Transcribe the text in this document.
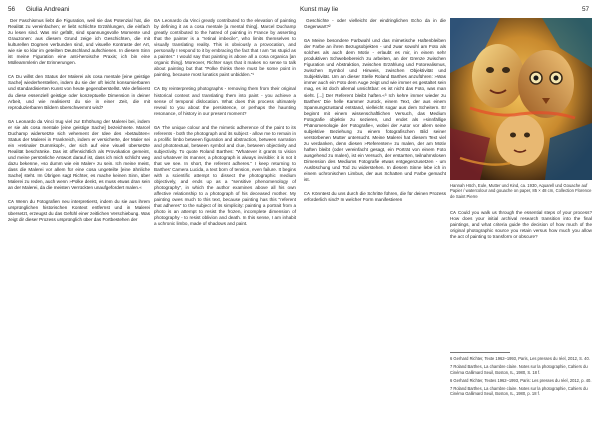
56 Giulia Andreani	Kunst may lie	57

Der Faschismus liebt die Figuration, weil sie das Potenzial hat, die Realität zu vereinfachen; er liebt schlichte Erzählungen, die einfach zu lesen sind. Was mir gefällt, sind spannungsvolle Momente und Grauzonen: aus diesem Grund zeige ich Geschichten, die mit kulturellen Dogmen verbunden sind, und visuelle Kontraste der Art, wie sie so klar im geteilten Deutschland aufschienen. In diesem Sinn ist meine Figuration eine anti-heroische Praxis; ich bin eine Mülleammlerin der Erinnerungen.

CA Du willst den Status der Malerei als cosa mentale [eine geistige Sache] wiederherstellen, indem du sie der oft leicht konsumierbaren und standardisierten Kunst von heute gegenüberstellst. Wie definierst du diese essenziell geistige oder konzeptuelle Dimension in deiner Arbeit, und wie realisierst du sie in einer Zeit, die mit reproduzierbaren Bildern überschwemmt wird?

GA Leonardo da Vinci trug viel zur Erhöhung der Malerei bei, indem er sie als cosa mentale [eine geistige Sache] bezeichnete. Marcel Duchamp widersetzte sich vehement der Idee des »betäubten« Status der Malerei in Frankreich, indem er versicherte, der Maler sei ein »retinaler Dummkopf«, der sich auf eine visuell übersetzte Realität beschränke. Das ist offensichtlich als Provokation gemeint, und meine persönliche Antwort darauf ist, dass ich mich schlicht weg dazu bekenne, »so dumm wie ein Maler« zu sein. Ich meine meist, dass die Malerei vor allem für eine cosa ungeteilte [eine ähnliche Sache] steht. Im Übrigen sagt Richter, es mache keinen Sinn, über Malerei zu reden, auch wenn »Polke denkt, es muss etwas dran sein an der Malerei, da die meisten Verrückten unaufgefordert malen.«

CA Wenn du Fotografien neu interpretierst, indem du sie aus ihrem ursprünglichen historischen Kontext entfernst und in Malerei übersetzt, erzeugst du das Gefühl einer zeitlichen Verschiebung. Was zeigt dir dieser Prozess ursprünglich über das Fortbestehen der

GA Leonardo da Vinci greatly contributed to the elevation of painting by defining it as a cosa mentale [a mental thing]. Marcel Duchamp greatly contributed to the hatred of painting in France by asserting that the painter is a "retinal imbecile", who limits themselves to visually translating reality. This is obviously a provocation, and personally I respond to it by embracing the fact that I am "as stupid as a painter." I would say that painting is above all a cosa organica [an organic thing]. Moreover, Richter says that it makes no sense to talk about painting but that "Polke thinks there must be some point in painting, because most lunatics paint unbidden."¹

CA By reinterpreting photographs - removing them from their original historical context and translating them into paint - you achieve a sense of temporal dislocation. What does this process ultimately reveal to you about the persistence, or perhaps the haunting resonance, of history in our present moment?

GA The unique colour and the mimetic adherence of the paint to its referents - both the photograph and its subject - allow me to remain in a prolific limbo between figuration and abstraction, between narration and phototextual, between symbol and clue, between objectivity and subjectivity. To quote Roland Barthes: "Whatever it grants to vision and whatever its manner, a photograph is always invisible: it is not it that we see. In short, the referent adheres." I keep returning to Barthes' Camera Lucida, a text born of tension, even failure. It begins with a scientific attempt to dissect the photographic medium objectively, and ends up as a "sensitive phenomenology of photography", in which the author examines above all his own affective relationship to a photograph of his deceased mother. My painting owes much to this text, because painting has this "referent that adheres" to the subject of its simplicity: painting a portrait from a photo is an attempt to resist the frozen, incomplete dimension of photography - to resist oblivion and death. In this sense, I am inhabit a uchronic limbo, made of shadows and paint.

Geschichte - oder vielleicht der eindringlichen Echo da in die Gegenwart?²

GA Meine besondere Farbwahl und das mimetische Haftenbleiben der Farbe an ihren Bezugsobjekten - und zwar sowohl am Foto als solches als auch dem Motiv - erlaubt es mir, in einem sehr produktiven Schwebebereich zu arbeiten, an der Grenze zwischen Figuration und Abstraktion, zwischen Erzählung und Fotorealismus, zwischen Symbol und Hinweis, zwischen Objektivität und Subjektivität. Um an dieser Stelle Roland Barthes anzuführen: »Was immer auch ein Foto dem Auge zeigt und wie immer es gestaltet sein mag, es ist doch allemal unsichtbar: es ist nicht das Foto, was man sieht. [...] Der Referent bleibt haften.«³ Ich kehre immer wieder zu Barthes' Die helle Kammer zurück, einem Text, der aus einem Spannungszustand entstand, vielleicht sogar aus dem Scheitern. Er beginnt mit einem wissenschaftlichen Versuch, das Medium Fotografie objektiv zu sezieren, und endet als »sinnfällige Phänomenologie der Fotografie«, wobei der Autor vor allem seine subjektive Beziehung zu einem fotografischen Bild seiner verstorbenen Mutter untersucht. Meine Malerei hat diesem Text viel zu verdanken, denn diesen »Referenten« zu malen, der am Motiv haften bleibt (oder vereinfacht gesagt, ein Porträt von einem Foto ausgehend zu malen), ist ein Versuch, der erstarrten, teilnahmslosen Dimension des Mediums Fotografie etwas entgegenzusetzen - um Auslöschung und Tod zu widerstehen. In diesem Sinne lebe ich in einem uchronischen Limbus, der aus Schatten und Farbe gemacht ist.

CA Könntest du uns durch die Schritte führen, die für deinen Prozess erforderlich sind? In welcher Form manifestieren

Hannah Höch, Eule, Mutter und Kind, ca. 1930, Aquarell und Gouache auf Papier / watercolour and gouache on paper, 85 × 48 cm, Collection Florence de Saint Pierre

CA Could you walk us through the essential steps of your process? How does your initial archival research transition into the final paintings, and what criteria guide the decision of how much of the original photographic source you retain versus how much you allow the act of painting to transform or obscure?

6 Gerhard Richter, Texte 1962–1993, Paris, Les presses du réel, 2012, S. 40.

7 Roland Barthes, La chambre claire. Notes sur la photographie, Cahiers du Cinéma Gallimard Seuil, Boston, IL, 1980, S. 18 f.

6 Gerhard Richter, Textes 1962–1993, Paris: Les presses du réel, 2012, p. 40.

7 Roland Barthes, La chambre claire. Notes sur la photographie, Cahiers du Cinéma Gallimard Seuil, Boston, IL, 1980, p. 18 f.
